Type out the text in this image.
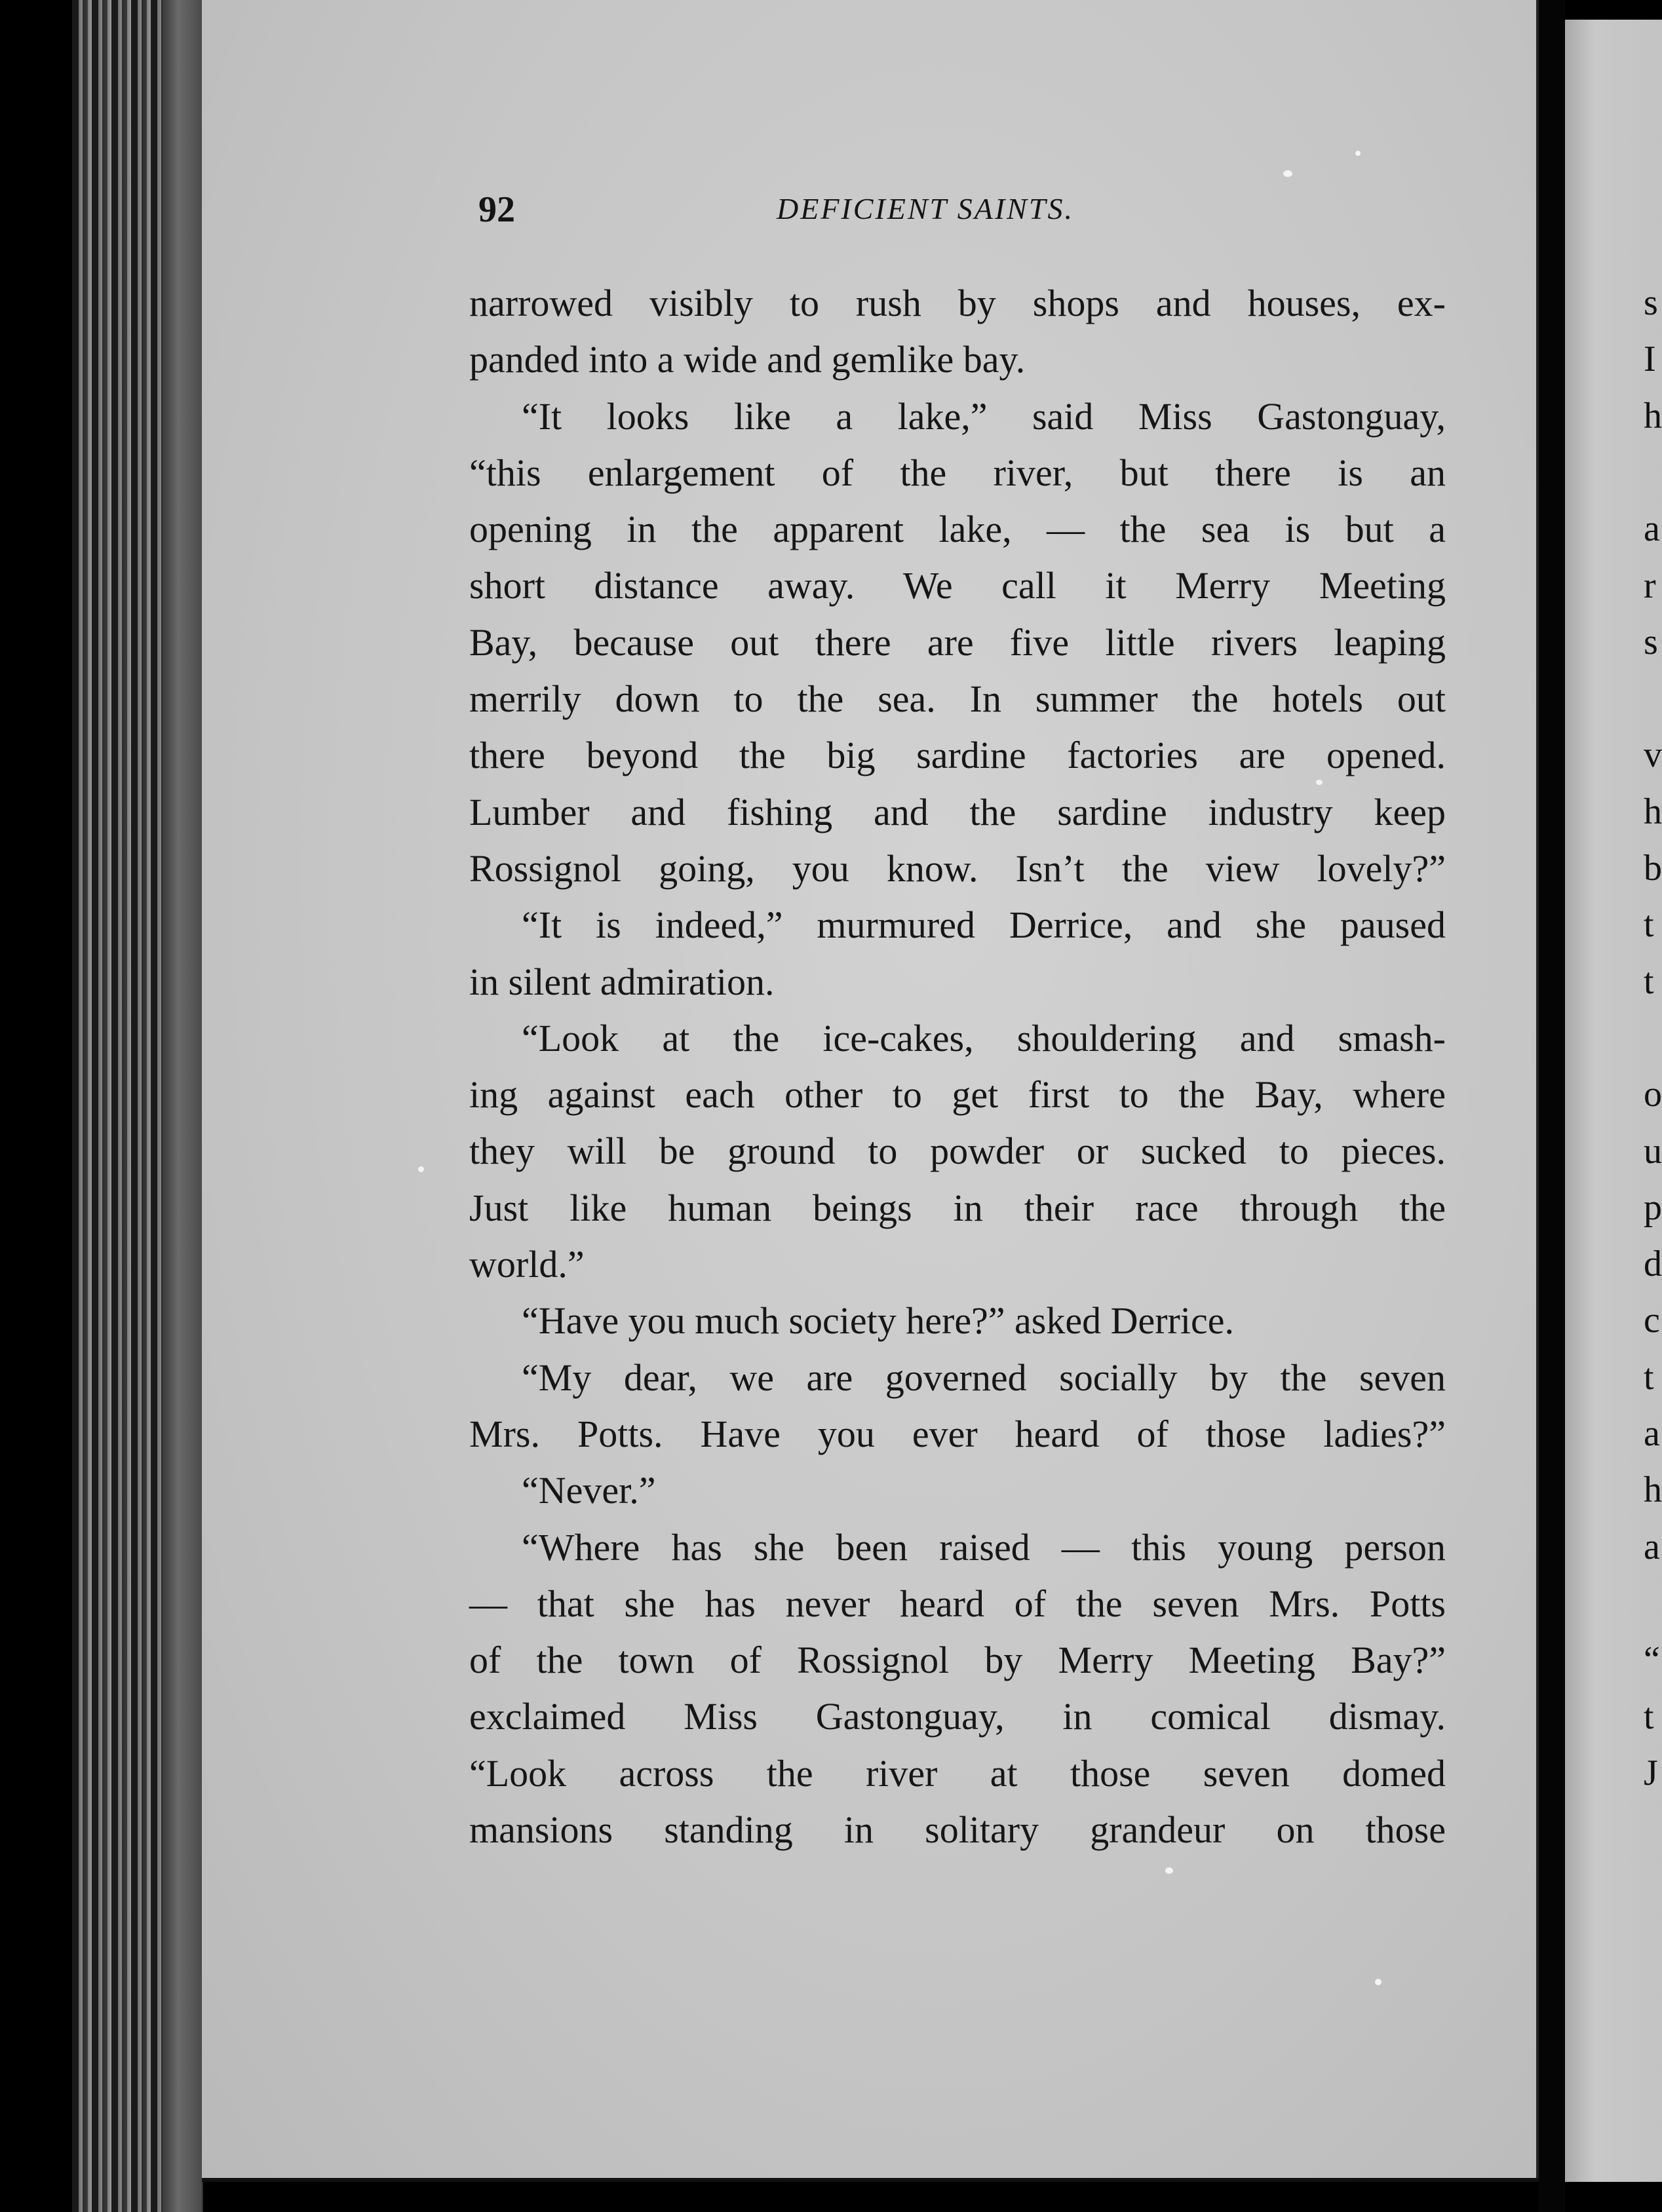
92	DEFICIENT SAINTS.
narrowed visibly to rush by shops and houses, ex-
panded into a wide and gemlike bay.
“It looks like a lake,” said Miss Gastonguay,
“this enlargement of the river, but there is an
opening in the apparent lake, — the sea is but a
short distance away. We call it Merry Meeting
Bay, because out there are five little rivers leaping
merrily down to the sea. In summer the hotels out
there beyond the big sardine factories are opened.
Lumber and fishing and the sardine industry keep
Rossignol going, you know. Isn’t the view lovely?”
“It is indeed,” murmured Derrice, and she paused
in silent admiration.
“Look at the ice-cakes, shouldering and smash-
ing against each other to get first to the Bay, where
they will be ground to powder or sucked to pieces.
Just like human beings in their race through the
world.”
“Have you much society here?” asked Derrice.
“My dear, we are governed socially by the seven
Mrs. Potts. Have you ever heard of those ladies?”
“Never.”
“Where has she been raised — this young person
— that she has never heard of the seven Mrs. Potts
of the town of Rossignol by Merry Meeting Bay?”
exclaimed Miss Gastonguay, in comical dismay.
“Look across the river at those seven domed
mansions standing in solitary grandeur on those
s
I
h
a
r
s
v
h
b
t
t
o
u
p
d
c
t
a
h
a
“
t
J
